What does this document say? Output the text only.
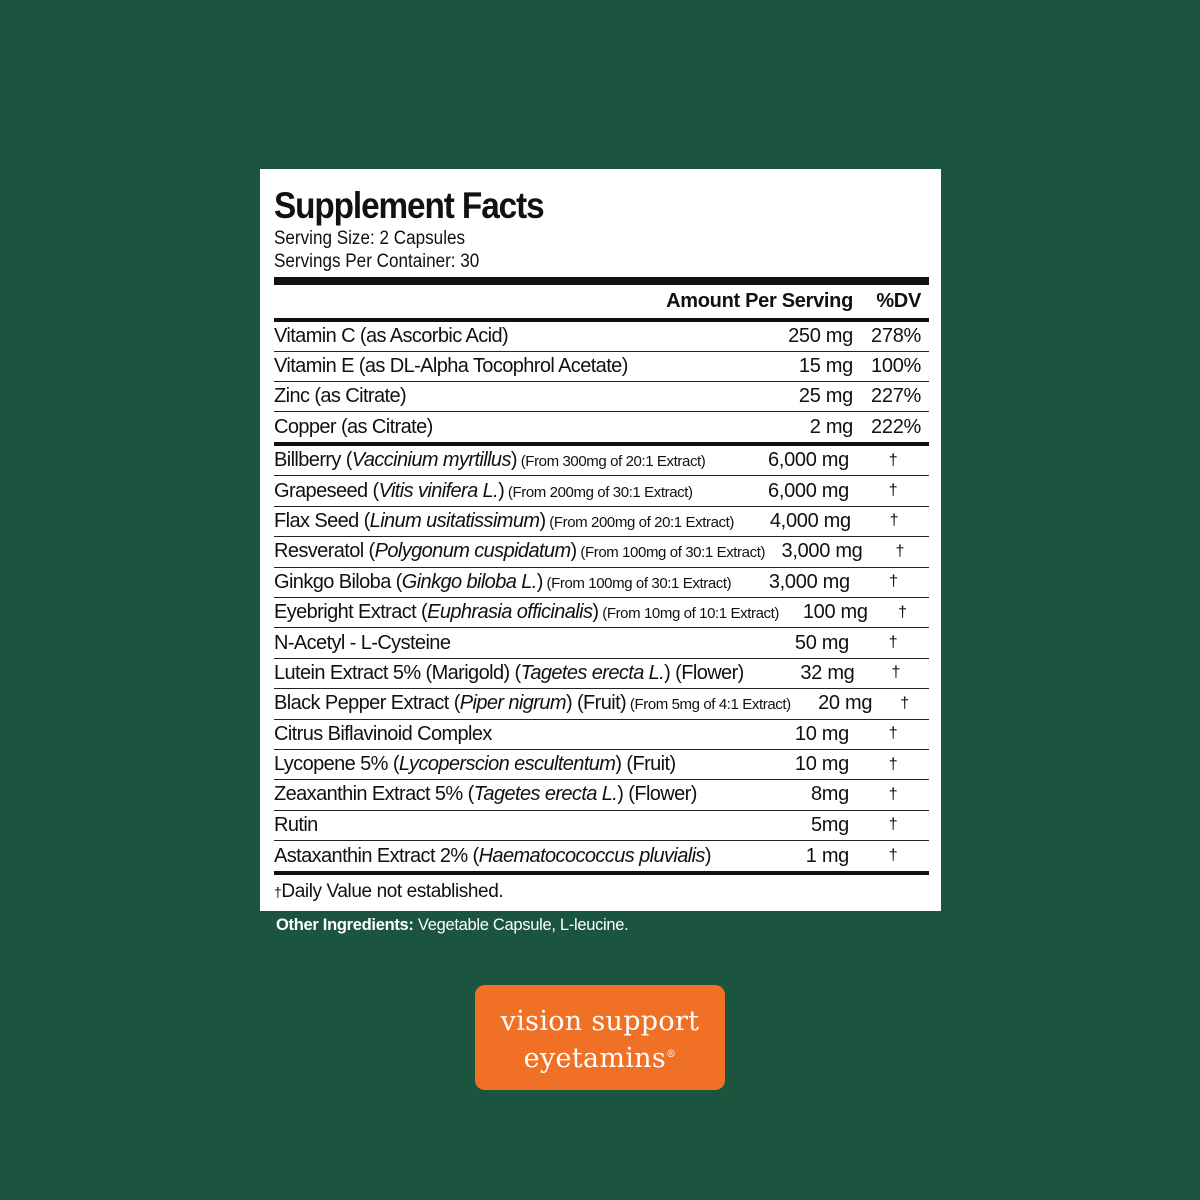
Supplement Facts
Serving Size: 2 Capsules
Servings Per Container: 30
Amount Per Serving	%DV
Vitamin C (as Ascorbic Acid)	250 mg 278%
Vitamin E (as DL-Alpha Tocophrol Acetate)	15 mg 100%
Zinc (as Citrate)	25 mg 227%
Copper (as Citrate)	2 mg 222%
Billberry (Vaccinium myrtillus) (From 300mg of 20:1 Extract)	6,000 mg	†
Grapeseed (Vitis vinifera L.) (From 200mg of 30:1 Extract)	6,000 mg	†
Flax Seed (Linum usitatissimum) (From 200mg of 20:1 Extract)	4,000 mg	†
Resveratol (Polygonum cuspidatum) (From 100mg of 30:1 Extract) 3,000 mg	†
Ginkgo Biloba (Ginkgo biloba L.) (From 100mg of 30:1 Extract)	3,000 mg	†
Eyebright Extract (Euphrasia officinalis) (From 10mg of 10:1 Extract)	100 mg	†
N-Acetyl - L-Cysteine	50 mg	†
Lutein Extract 5% (Marigold) (Tagetes erecta L.) (Flower)	32 mg	†
Black Pepper Extract (Piper nigrum) (Fruit) (From 5mg of 4:1 Extract)	20 mg	†
Citrus Biflavinoid Complex	10 mg	†
Lycopene 5% (Lycoperscion escultentum) (Fruit)	10 mg	†
Zeaxanthin Extract 5% (Tagetes erecta L.) (Flower)	8mg	†
Rutin	5mg	†
Astaxanthin Extract 2% (Haematocococcus pluvialis)	1 mg	†
†Daily Value not established.
Other Ingredients: Vegetable Capsule, L-leucine.
vision support
eyetamins®
